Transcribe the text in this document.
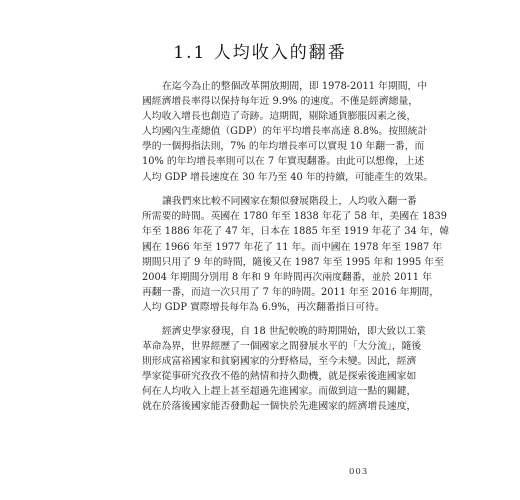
1.1 人均收入的翻番
在迄今為止的整個改革開放期間，即 1978-2011 年期間，中
國經濟增長率得以保持每年近 9.9% 的速度。不僅是經濟總量，
人均收入增長也創造了奇跡。這期間，剔除通貨膨脹因素之後，
人均國內生產總值（GDP）的年平均增長率高達 8.8%。按照統計
學的一個拇指法則，7% 的年均增長率可以實現 10 年翻一番，而
10% 的年均增長率則可以在 7 年實現翻番。由此可以想像，上述
人均 GDP 增長速度在 30 年乃至 40 年的持續，可能產生的效果。
讓我們來比較不同國家在類似發展階段上，人均收入翻一番
所需要的時間。英國在 1780 年至 1838 年花了 58 年，美國在 1839
年至 1886 年花了 47 年，日本在 1885 年至 1919 年花了 34 年，韓
國在 1966 年至 1977 年花了 11 年。而中國在 1978 年至 1987 年
期間只用了 9 年的時間，隨後又在 1987 年至 1995 年和 1995 年至
2004 年期間分別用 8 年和 9 年時間再次兩度翻番，並於 2011 年
再翻一番，而這一次只用了 7 年的時間。2011 年至 2016 年期間，
人均 GDP 實際增長每年為 6.9%，再次翻番指日可待。
經濟史學家發現，自 18 世紀較晚的時期開始，即大致以工業
革命為界，世界經歷了一個國家之間發展水平的「大分流」，隨後
則形成富裕國家和貧窮國家的分野格局，至今未變。因此，經濟
學家從事研究孜孜不倦的熱情和持久動機，就是探索後進國家如
何在人均收入上趕上甚至超過先進國家。而做到這一點的關鍵，
就在於落後國家能否發動起一個快於先進國家的經濟增長速度，
003
